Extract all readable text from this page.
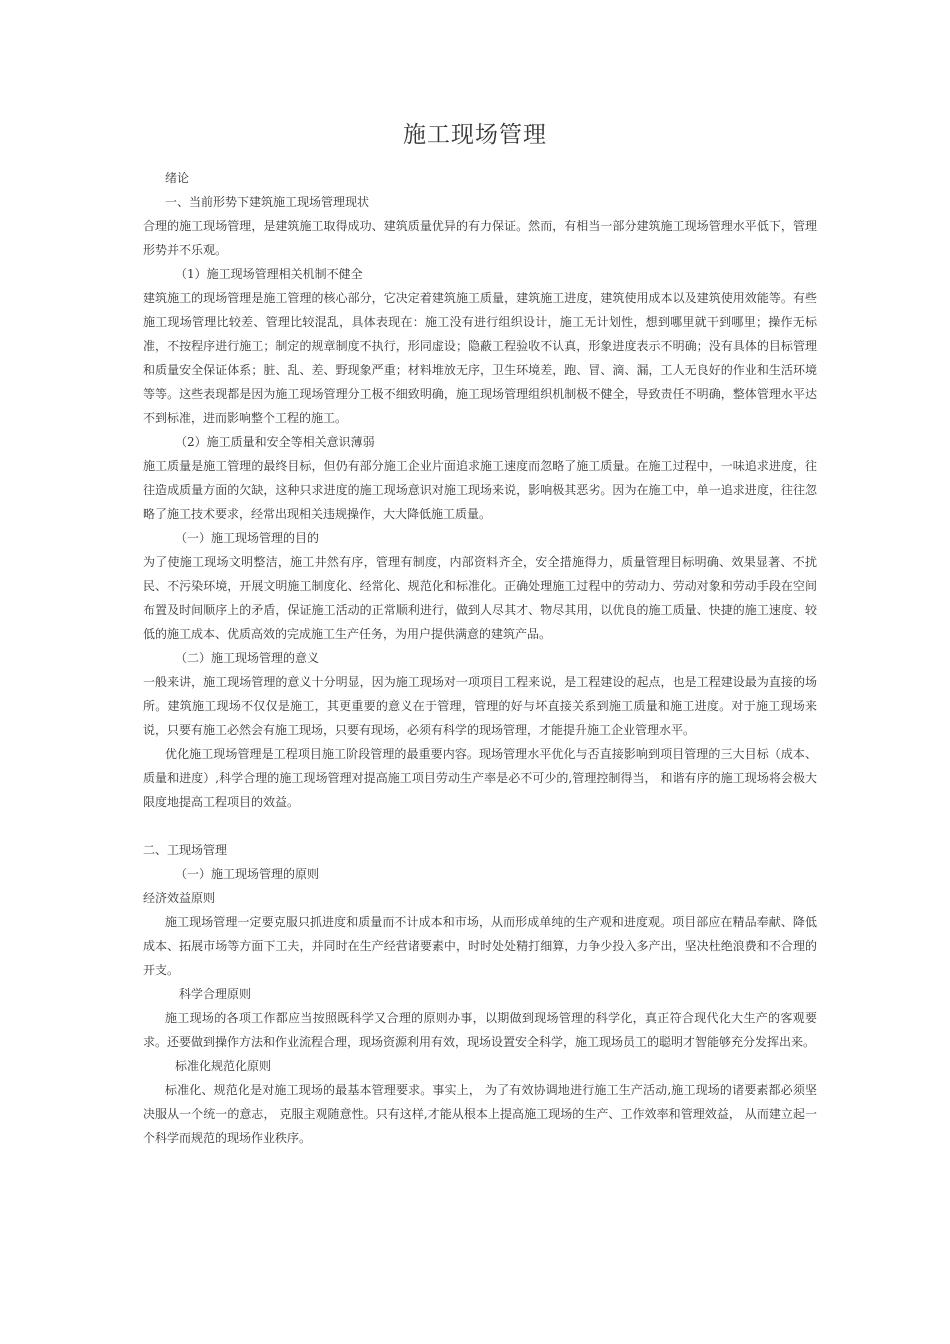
施工现场管理

绪论

一、当前形势下建筑施工现场管理现状

合理的施工现场管理，是建筑施工取得成功、建筑质量优异的有力保证。然而，有相当一部分建筑施工现场管理水平低下，管理形势并不乐观。

（1）施工现场管理相关机制不健全

建筑施工的现场管理是施工管理的核心部分，它决定着建筑施工质量，建筑施工进度，建筑使用成本以及建筑使用效能等。有些施工现场管理比较差、管理比较混乱，具体表现在：施工没有进行组织设计，施工无计划性，想到哪里就干到哪里；操作无标准，不按程序进行施工；制定的规章制度不执行，形同虚设；隐蔽工程验收不认真，形象进度表示不明确；没有具体的目标管理和质量安全保证体系；脏、乱、差、野现象严重；材料堆放无序，卫生环境差，跑、冒、滴、漏，工人无良好的作业和生活环境等等。这些表现都是因为施工现场管理分工极不细致明确，施工现场管理组织机制极不健全，导致责任不明确，整体管理水平达不到标准，进而影响整个工程的施工。

（2）施工质量和安全等相关意识薄弱

施工质量是施工管理的最终目标，但仍有部分施工企业片面追求施工速度而忽略了施工质量。在施工过程中，一味追求进度，往往造成质量方面的欠缺，这种只求进度的施工现场意识对施工现场来说，影响极其恶劣。因为在施工中，单一追求进度，往往忽略了施工技术要求，经常出现相关违规操作，大大降低施工质量。

（一）施工现场管理的目的

为了使施工现场文明整洁，施工井然有序，管理有制度，内部资料齐全，安全措施得力，质量管理目标明确、效果显著、不扰民、不污染环境，开展文明施工制度化、经常化、规范化和标准化。正确处理施工过程中的劳动力、劳动对象和劳动手段在空间布置及时间顺序上的矛盾，保证施工活动的正常顺利进行，做到人尽其才、物尽其用，以优良的施工质量、快捷的施工速度、较低的施工成本、优质高效的完成施工生产任务，为用户提供满意的建筑产品。

（二）施工现场管理的意义

一般来讲，施工现场管理的意义十分明显，因为施工现场对一项项目工程来说，是工程建设的起点，也是工程建设最为直接的场所。建筑施工现场不仅仅是施工，其更重要的意义在于管理，管理的好与坏直接关系到施工质量和施工进度。对于施工现场来说，只要有施工必然会有施工现场，只要有现场，必须有科学的现场管理，才能提升施工企业管理水平。

优化施工现场管理是工程项目施工阶段管理的最重要内容。现场管理水平优化与否直接影响到项目管理的三大目标（成本、质量和进度）,科学合理的施工现场管理对提高施工项目劳动生产率是必不可少的,管理控制得当， 和谐有序的施工现场将会极大限度地提高工程项目的效益。

二、工现场管理

（一）施工现场管理的原则

经济效益原则

施工现场管理一定要克服只抓进度和质量而不计成本和市场，从而形成单纯的生产观和进度观。项目部应在精品奉献、降低成本、拓展市场等方面下工夫，并同时在生产经营诸要素中，时时处处精打细算，力争少投入多产出，坚决杜绝浪费和不合理的开支。

科学合理原则

施工现场的各项工作都应当按照既科学又合理的原则办事，以期做到现场管理的科学化，真正符合现代化大生产的客观要求。还要做到操作方法和作业流程合理，现场资源利用有效，现场设置安全科学，施工现场员工的聪明才智能够充分发挥出来。

标准化规范化原则

标准化、规范化是对施工现场的最基本管理要求。事实上， 为了有效协调地进行施工生产活动,施工现场的诸要素都必须坚决服从一个统一的意志， 克服主观随意性。只有这样,才能从根本上提高施工现场的生产、工作效率和管理效益， 从而建立起一个科学而规范的现场作业秩序。
